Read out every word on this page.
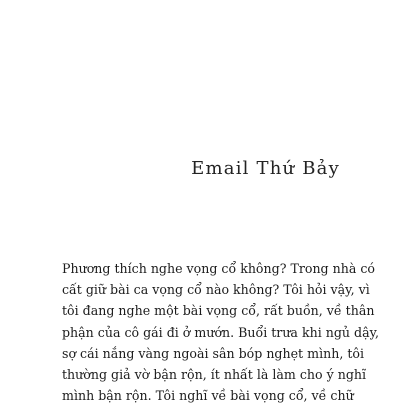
Email Thứ Bảy
Phương thích nghe vọng cổ không? Trong nhà có
cất giữ bài ca vọng cổ nào không? Tôi hỏi vậy, vì
tôi đang nghe một bài vọng cổ, rất buồn, về thân
phận của cô gái đi ở mướn. Buổi trưa khi ngủ dậy,
sợ cái nắng vàng ngoài sân bóp nghẹt mình, tôi
thường giả vờ bận rộn, ít nhất là làm cho ý nghĩ
mình bận rộn. Tôi nghĩ về bài vọng cổ, về chữ
